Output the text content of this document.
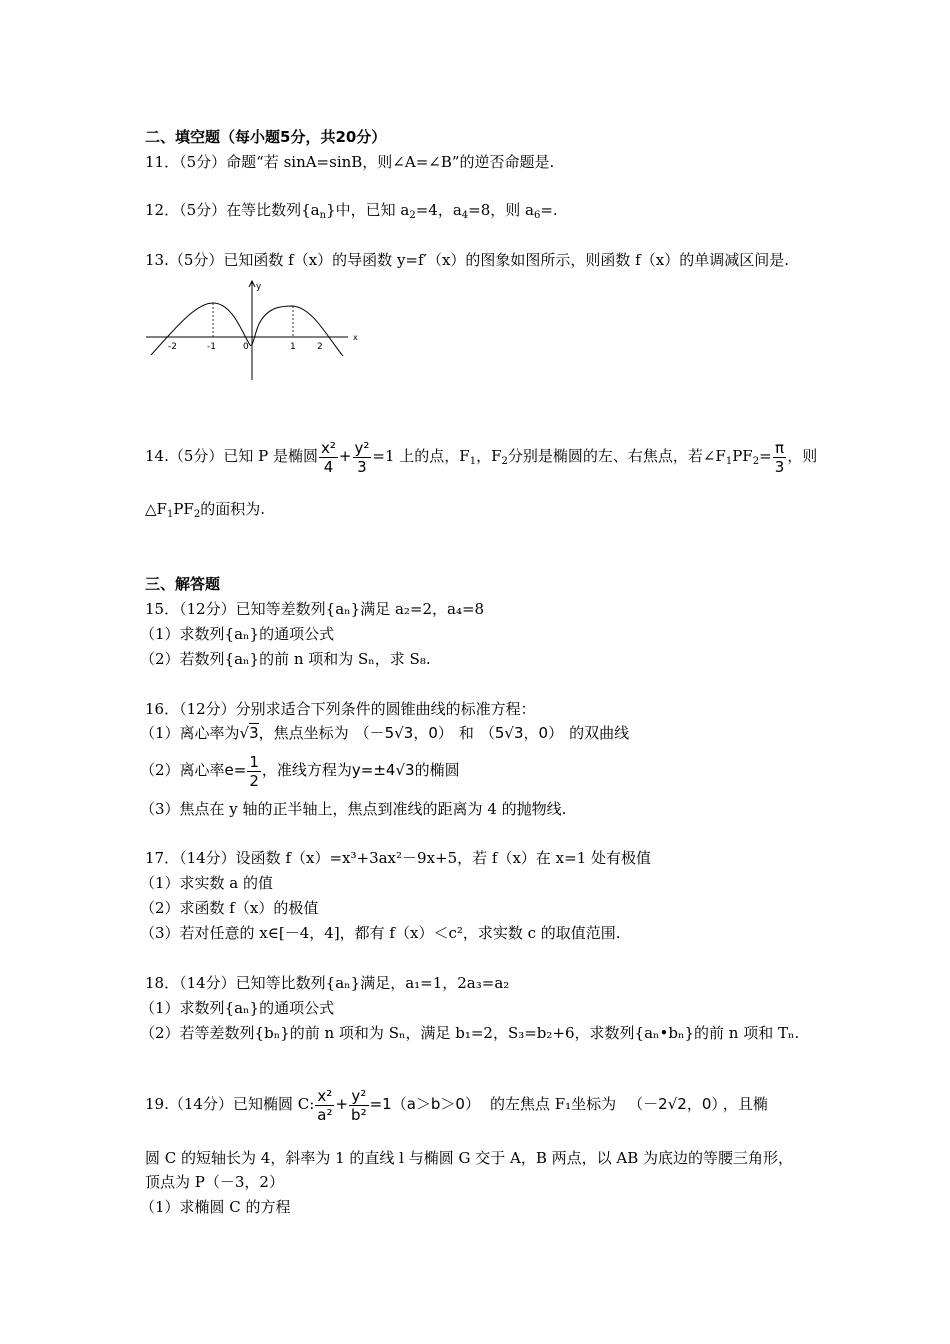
二、填空题（每小题5分，共20分）
11．（5分）命题“若 sinA=sinB，则∠A=∠B”的逆否命题是.
12．（5分）在等比数列$\{a_n\}$中，已知 $a_2=4$，$a_4=8$，则 $a_6=$.
13.（5分）已知函数 f（x）的导函数 y=f′（x）的图象如图所示，则函数 f（x）的单调减区间是.
y
x
-2	-1	0	1 2
14.（5分）已知 P 是椭圆 $\frac{\text{x²}}{4} + \frac{\text{y²}}{3} =1$ 上的点，$F_1$，$F_2$分别是椭圆的左、右焦点，若$\angle F_1PF_2= \frac{\pi}{3}$ ，则
$\triangle F_1PF_2$的面积为.
三、解答题
15．（12分）已知等差数列{aₙ}满足 a₂=2，a₄=8
（1）求数列{aₙ}的通项公式
（2）若数列{aₙ}的前 n 项和为 Sₙ，求 S₈.
16．（12分）分别求适合下列条件的圆锥曲线的标准方程：
（1）离心率为√3，焦点坐标为 （－5√3，0） 和 （5√3，0） 的双曲线
（2）离心率$e= \frac{1}{2}$ ，准线方程为y=±4√3的椭圆
（3）焦点在 y 轴的正半轴上，焦点到准线的距离为 4 的抛物线.
17．（14分）设函数 f（x）=x³+3ax²－9x+5，若 f（x）在 x=1 处有极值
（1）求实数 a 的值
（2）求函数 f（x）的极值
（3）若对任意的 x∈[－4，4]，都有 f（x）＜c²，求实数 c 的取值范围.
18．（14分）已知等比数列{aₙ}满足，a₁=1，2a₃=a₂
（1）求数列{aₙ}的通项公式
（2）若等差数列{bₙ}的前 n 项和为 Sₙ，满足 b₁=2，S₃=b₂+6，求数列{aₙ•bₙ}的前 n 项和 Tₙ.
19.（14分）已知椭圆 C: $\frac{\text{x²}}{\text{a²}} + \frac{\text{y²}}{\text{b²}} =1(a>b>0)$ 的左焦点 F₁坐标为 （－2√2，0） ，且椭
圆 C 的短轴长为 4，斜率为 1 的直线 l 与椭圆 G 交于 A，B 两点，以 AB 为底边的等腰三角形，
顶点为 P（－3，2）
（1）求椭圆 C 的方程
